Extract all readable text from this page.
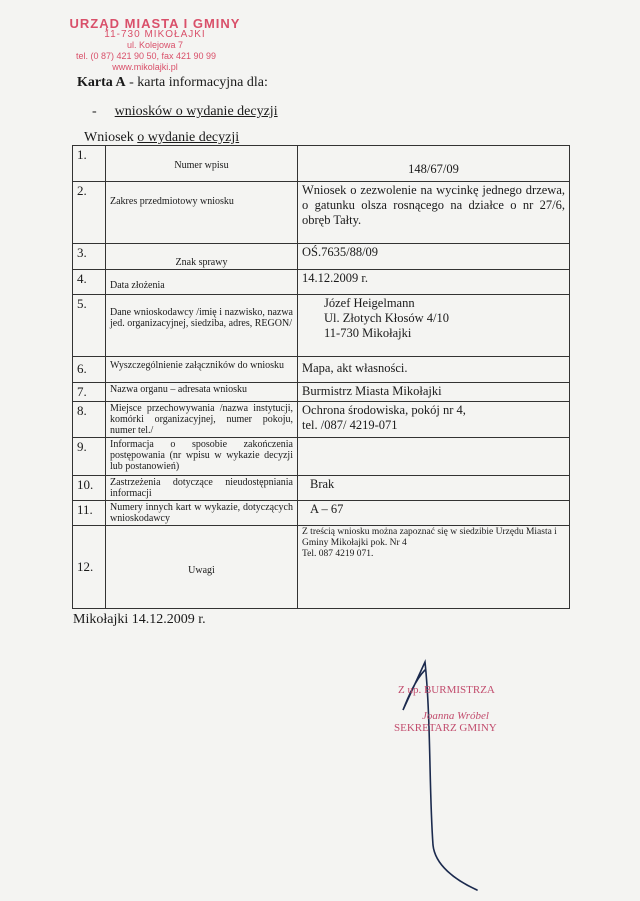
URZĄD MIASTA I GMINY
11-730 MIKOŁAJKI
ul. Kolejowa 7
tel. (0 87) 421 90 50, fax 421 90 99
www.mikolajki.pl
Karta A - karta informacyjna dla:
- wniosków o wydanie decyzji
Wniosek o wydanie decyzji
1.	Numer wpisu	148/67/09
2.	Zakres przedmiotowy wniosku	Wniosek o zezwolenie na wycinkę jednego drzewa, o gatunku olsza rosnącego na działce o nr 27/6, obręb Tałty.
3.	Znak sprawy	OŚ.7635/88/09
4.	Data złożenia	14.12.2009 r.
5.	Dane wnioskodawcy /imię i nazwisko, nazwa jed. organizacyjnej, siedziba, adres, REGON/	Józef Heigelmann
Ul. Złotych Kłosów 4/10
11-730 Mikołajki

6.	Wyszczególnienie załączników do wniosku	Mapa, akt własności.
7.	Nazwa organu – adresata wniosku	Burmistrz Miasta Mikołajki
8.	Miejsce przechowywania /nazwa instytucji, komórki organizacyjnej, numer pokoju, numer tel./	Ochrona środowiska, pokój nr 4,
tel. /087/ 4219-071

9.	Informacja o sposobie zakończenia postępowania (nr wpisu w wykazie decyzji lub postanowień)	
10.	Zastrzeżenia dotyczące nieudostępniania informacji	Brak
11.	Numery innych kart w wykazie, dotyczących wnioskodawcy	A – 67
12.	Uwagi	Z treścią wniosku można zapoznać się w siedzibie Urzędu Miasta i Gminy Mikołajki pok. Nr 4
Tel. 087 4219 071.
Mikołajki 14.12.2009 r.
Z up. BURMISTRZA
Joanna Wróbel
SEKRETARZ GMINY
